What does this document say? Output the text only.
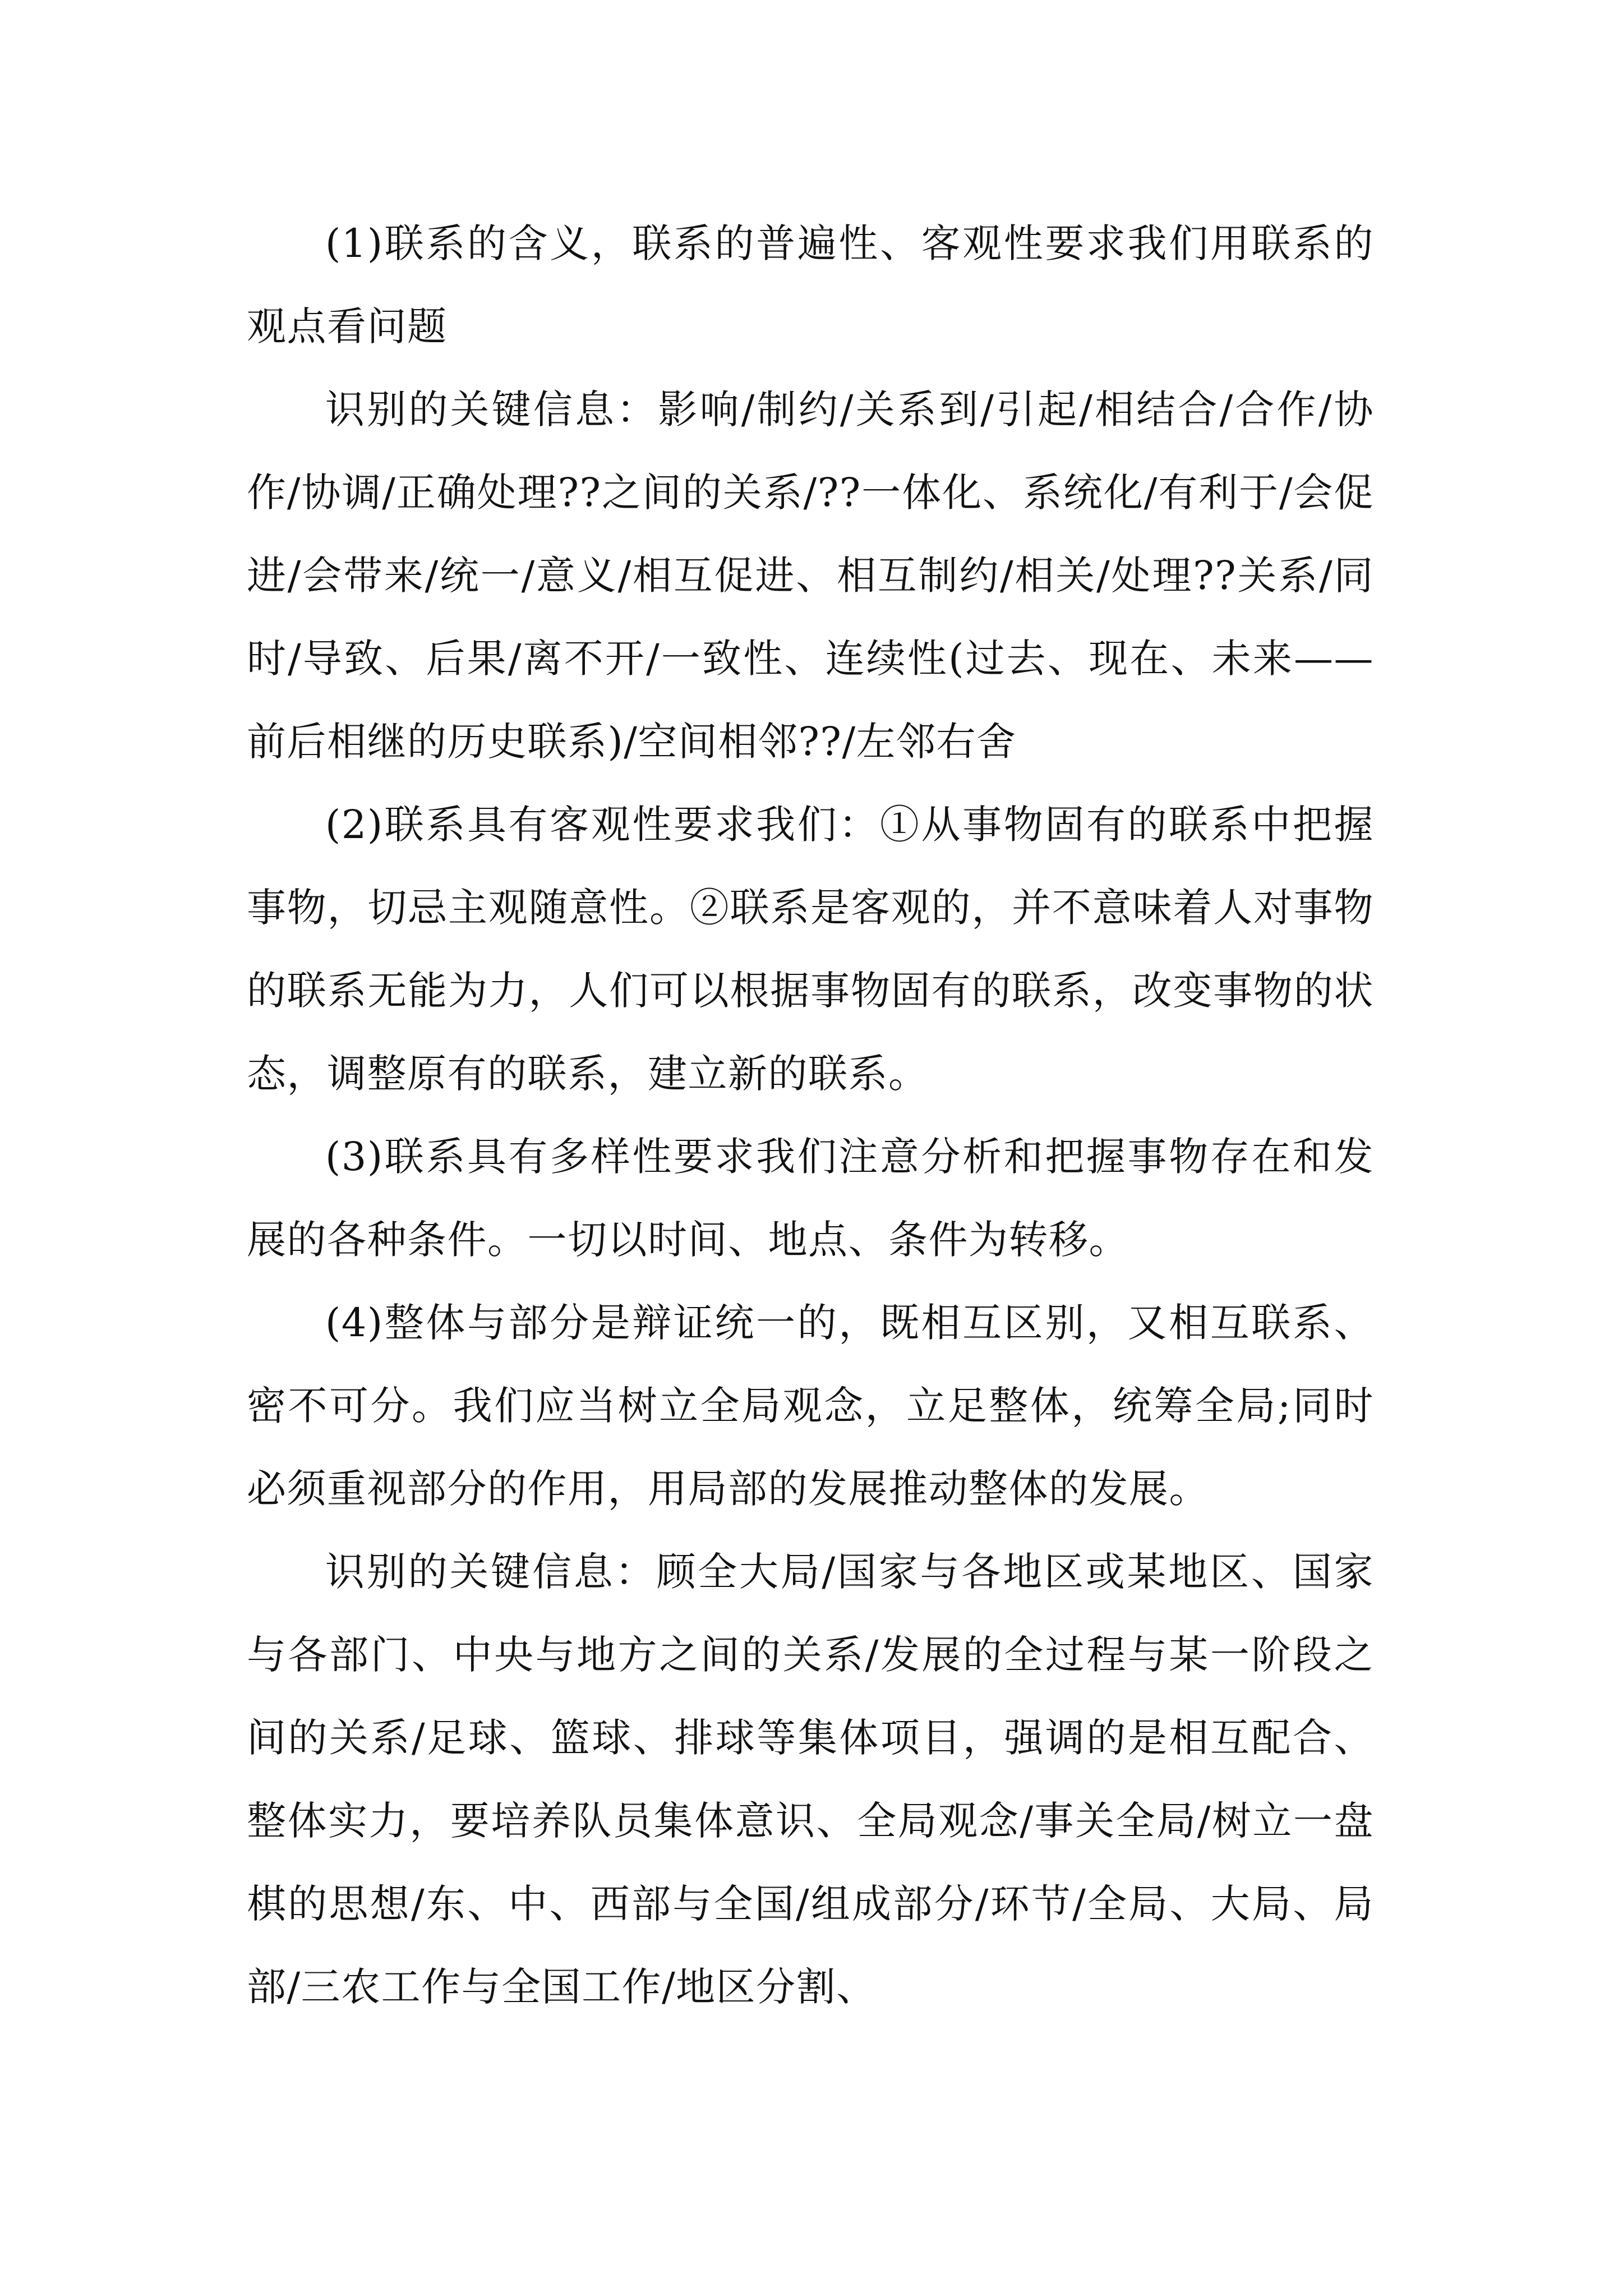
(1)联系的含义，联系的普遍性、客观性要求我们用联系的观点看问题

识别的关键信息：影响/制约/关系到/引起/相结合/合作/协作/协调/正确处理??之间的关系/??一体化、系统化/有利于/会促进/会带来/统一/意义/相互促进、相互制约/相关/处理??关系/同时/导致、后果/离不开/一致性、连续性(过去、现在、未来——前后相继的历史联系)/空间相邻??/左邻右舍

(2)联系具有客观性要求我们：①从事物固有的联系中把握事物，切忌主观随意性。②联系是客观的，并不意味着人对事物的联系无能为力，人们可以根据事物固有的联系，改变事物的状态，调整原有的联系，建立新的联系。

(3)联系具有多样性要求我们注意分析和把握事物存在和发展的各种条件。一切以时间、地点、条件为转移。

(4)整体与部分是辩证统一的，既相互区别，又相互联系、密不可分。我们应当树立全局观念，立足整体，统筹全局;同时必须重视部分的作用，用局部的发展推动整体的发展。

识别的关键信息：顾全大局/国家与各地区或某地区、国家与各部门、中央与地方之间的关系/发展的全过程与某一阶段之间的关系/足球、篮球、排球等集体项目，强调的是相互配合、整体实力，要培养队员集体意识、全局观念/事关全局/树立一盘棋的思想/东、中、西部与全国/组成部分/环节/全局、大局、局部/三农工作与全国工作/地区分割、
